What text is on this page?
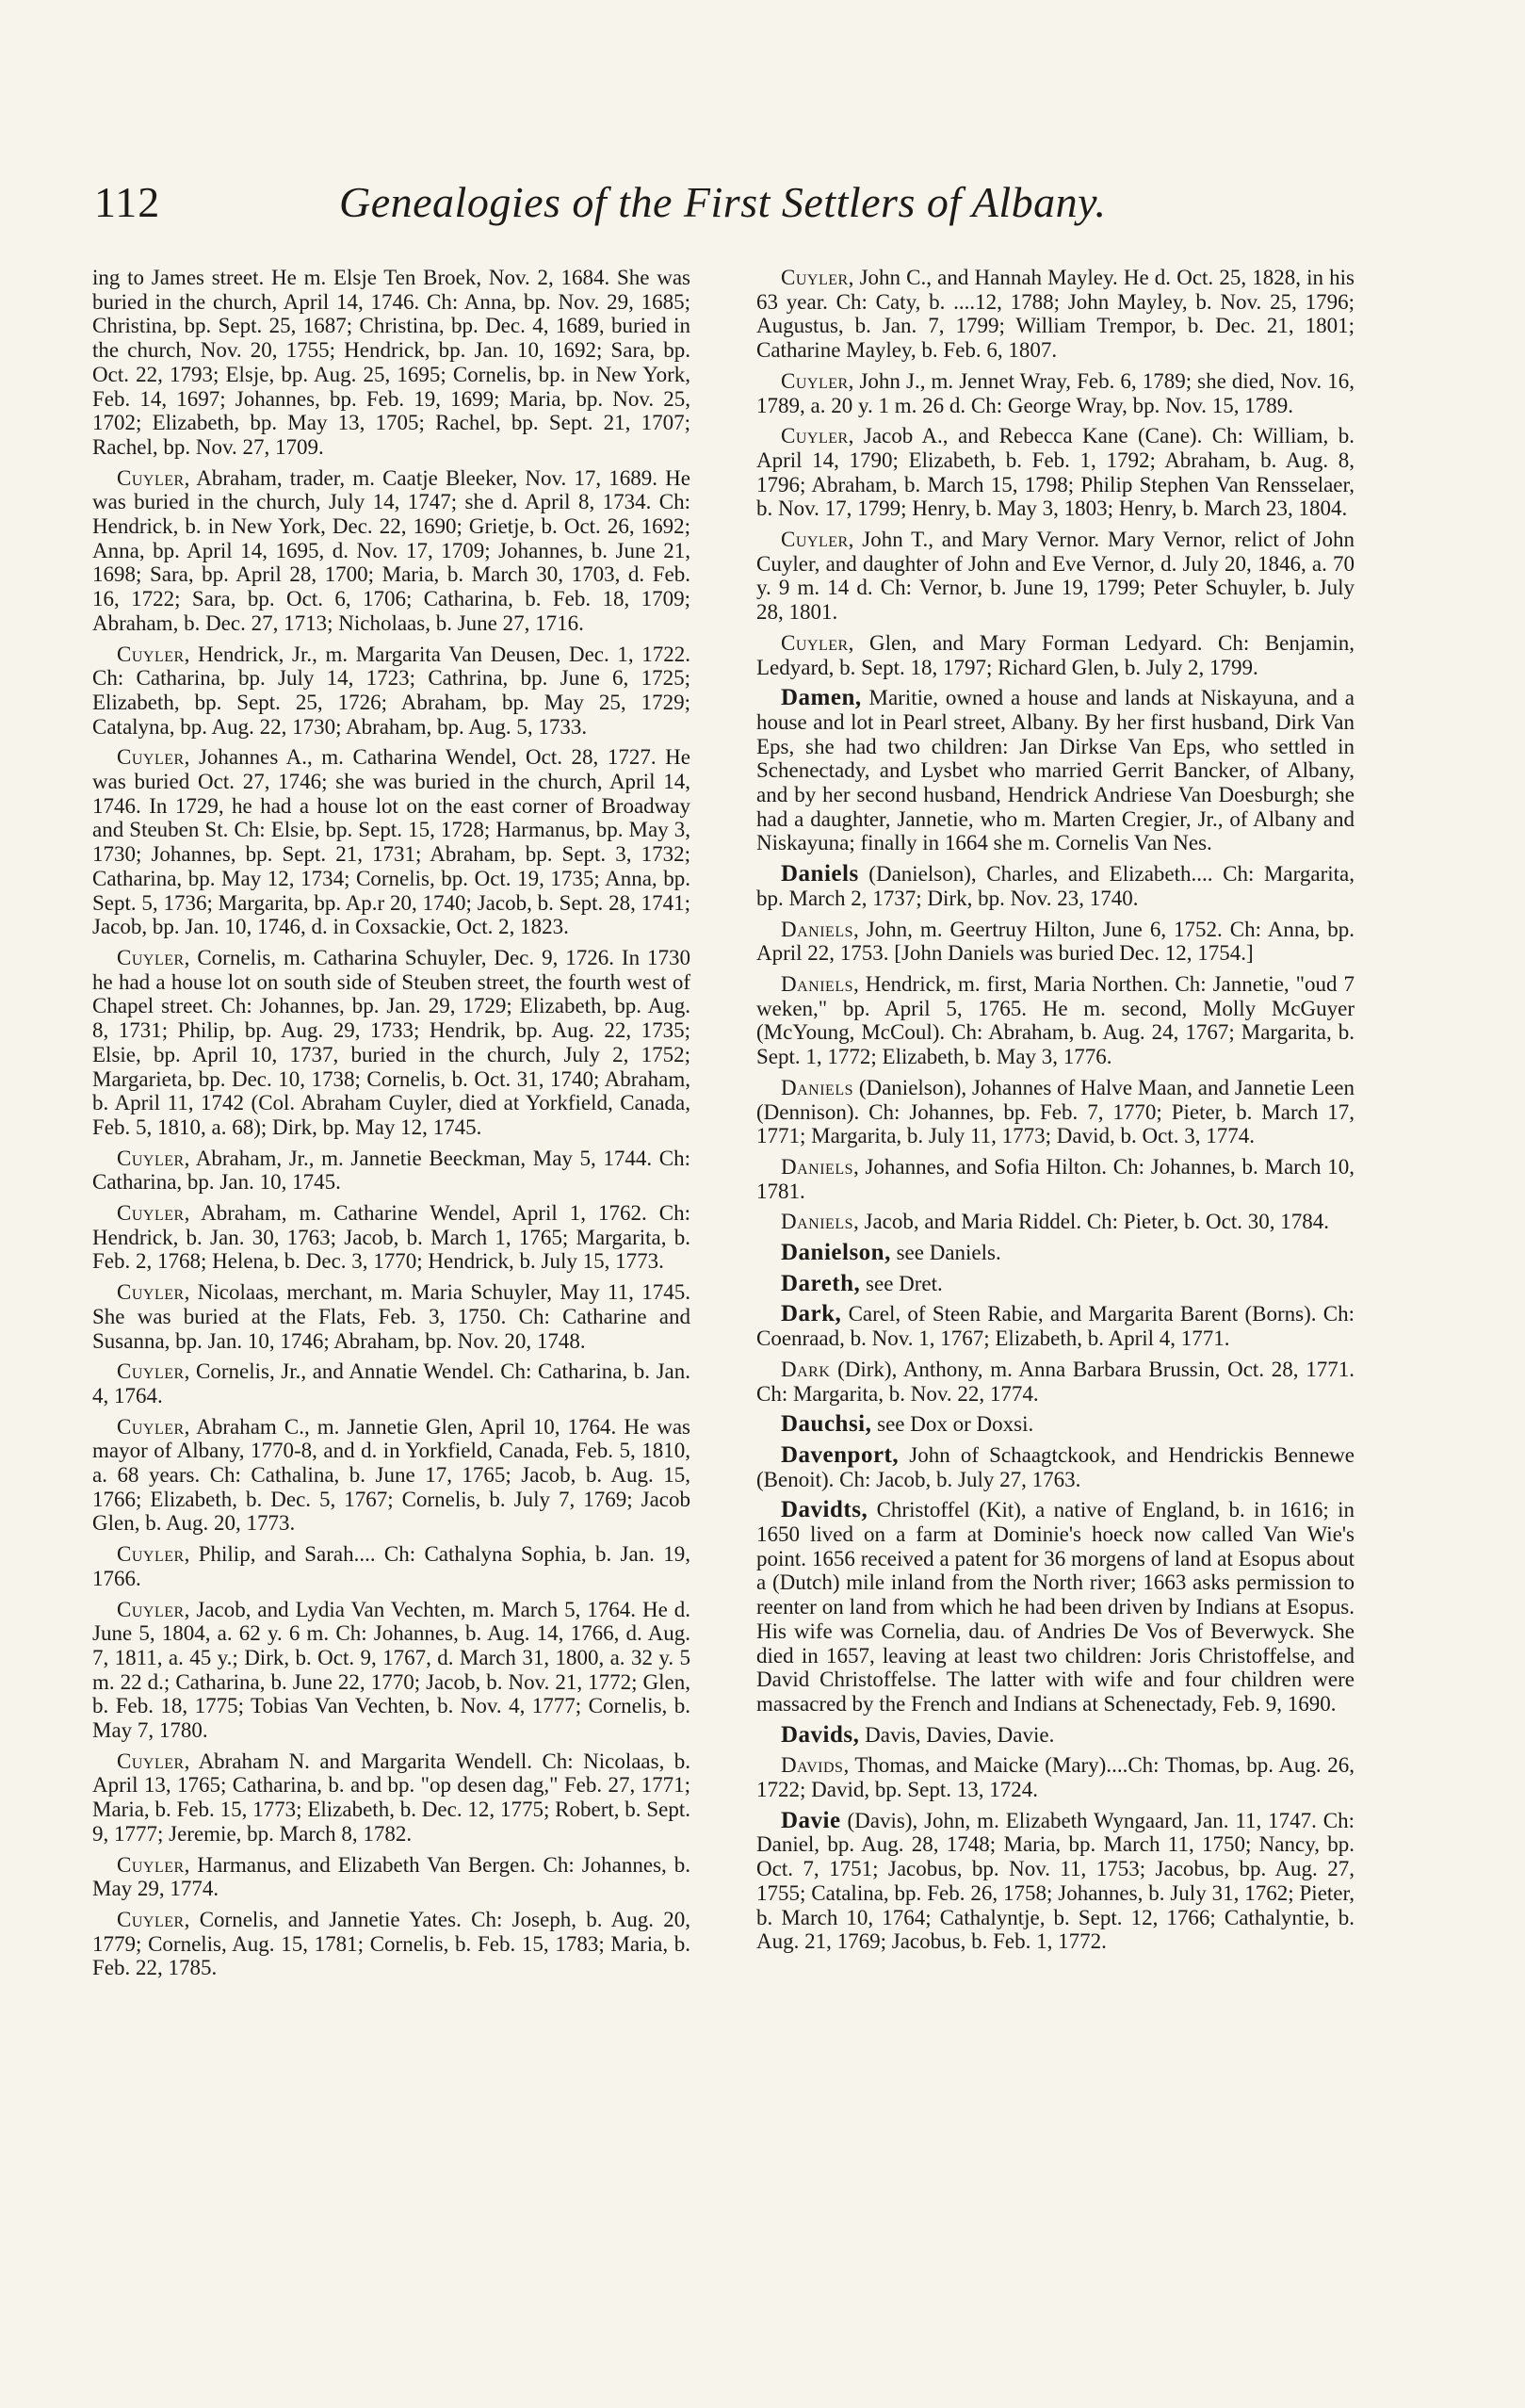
112	Genealogies of the First Settlers of Albany.

ing to James street. He m. Elsje Ten Broek, Nov. 2, 1684. She was buried in the church, April 14, 1746. Ch: Anna, bp. Nov. 29, 1685; Christina, bp. Sept. 25, 1687; Christina, bp. Dec. 4, 1689, buried in the church, Nov. 20, 1755; Hendrick, bp. Jan. 10, 1692; Sara, bp. Oct. 22, 1793; Elsje, bp. Aug. 25, 1695; Cornelis, bp. in New York, Feb. 14, 1697; Johannes, bp. Feb. 19, 1699; Maria, bp. Nov. 25, 1702; Elizabeth, bp. May 13, 1705; Rachel, bp. Sept. 21, 1707; Rachel, bp. Nov. 27, 1709.

Cuyler, Abraham, trader, m. Caatje Bleeker, Nov. 17, 1689. He was buried in the church, July 14, 1747; she d. April 8, 1734. Ch: Hendrick, b. in New York, Dec. 22, 1690; Grietje, b. Oct. 26, 1692; Anna, bp. April 14, 1695, d. Nov. 17, 1709; Johannes, b. June 21, 1698; Sara, bp. April 28, 1700; Maria, b. March 30, 1703, d. Feb. 16, 1722; Sara, bp. Oct. 6, 1706; Catharina, b. Feb. 18, 1709; Abraham, b. Dec. 27, 1713; Nicholaas, b. June 27, 1716.

Cuyler, Hendrick, Jr., m. Margarita Van Deusen, Dec. 1, 1722. Ch: Catharina, bp. July 14, 1723; Cathrina, bp. June 6, 1725; Elizabeth, bp. Sept. 25, 1726; Abraham, bp. May 25, 1729; Catalyna, bp. Aug. 22, 1730; Abraham, bp. Aug. 5, 1733.

Cuyler, Johannes A., m. Catharina Wendel, Oct. 28, 1727. He was buried Oct. 27, 1746; she was buried in the church, April 14, 1746. In 1729, he had a house lot on the east corner of Broadway and Steuben St. Ch: Elsie, bp. Sept. 15, 1728; Harmanus, bp. May 3, 1730; Johannes, bp. Sept. 21, 1731; Abraham, bp. Sept. 3, 1732; Catharina, bp. May 12, 1734; Cornelis, bp. Oct. 19, 1735; Anna, bp. Sept. 5, 1736; Margarita, bp. Ap.r 20, 1740; Jacob, b. Sept. 28, 1741; Jacob, bp. Jan. 10, 1746, d. in Coxsackie, Oct. 2, 1823.

Cuyler, Cornelis, m. Catharina Schuyler, Dec. 9, 1726. In 1730 he had a house lot on south side of Steuben street, the fourth west of Chapel street. Ch: Johannes, bp. Jan. 29, 1729; Elizabeth, bp. Aug. 8, 1731; Philip, bp. Aug. 29, 1733; Hendrik, bp. Aug. 22, 1735; Elsie, bp. April 10, 1737, buried in the church, July 2, 1752; Margarieta, bp. Dec. 10, 1738; Cornelis, b. Oct. 31, 1740; Abraham, b. April 11, 1742 (Col. Abraham Cuyler, died at Yorkfield, Canada, Feb. 5, 1810, a. 68); Dirk, bp. May 12, 1745.

Cuyler, Abraham, Jr., m. Jannetie Beeckman, May 5, 1744. Ch: Catharina, bp. Jan. 10, 1745.

Cuyler, Abraham, m. Catharine Wendel, April 1, 1762. Ch: Hendrick, b. Jan. 30, 1763; Jacob, b. March 1, 1765; Margarita, b. Feb. 2, 1768; Helena, b. Dec. 3, 1770; Hendrick, b. July 15, 1773.

Cuyler, Nicolaas, merchant, m. Maria Schuyler, May 11, 1745. She was buried at the Flats, Feb. 3, 1750. Ch: Catharine and Susanna, bp. Jan. 10, 1746; Abraham, bp. Nov. 20, 1748.

Cuyler, Cornelis, Jr., and Annatie Wendel. Ch: Catharina, b. Jan. 4, 1764.

Cuyler, Abraham C., m. Jannetie Glen, April 10, 1764. He was mayor of Albany, 1770-8, and d. in Yorkfield, Canada, Feb. 5, 1810, a. 68 years. Ch: Cathalina, b. June 17, 1765; Jacob, b. Aug. 15, 1766; Elizabeth, b. Dec. 5, 1767; Cornelis, b. July 7, 1769; Jacob Glen, b. Aug. 20, 1773.

Cuyler, Philip, and Sarah.... Ch: Cathalyna Sophia, b. Jan. 19, 1766.

Cuyler, Jacob, and Lydia Van Vechten, m. March 5, 1764. He d. June 5, 1804, a. 62 y. 6 m. Ch: Johannes, b. Aug. 14, 1766, d. Aug. 7, 1811, a. 45 y.; Dirk, b. Oct. 9, 1767, d. March 31, 1800, a. 32 y. 5 m. 22 d.; Catharina, b. June 22, 1770; Jacob, b. Nov. 21, 1772; Glen, b. Feb. 18, 1775; Tobias Van Vechten, b. Nov. 4, 1777; Cornelis, b. May 7, 1780.

Cuyler, Abraham N. and Margarita Wendell. Ch: Nicolaas, b. April 13, 1765; Catharina, b. and bp. "op desen dag," Feb. 27, 1771; Maria, b. Feb. 15, 1773; Elizabeth, b. Dec. 12, 1775; Robert, b. Sept. 9, 1777; Jeremie, bp. March 8, 1782.

Cuyler, Harmanus, and Elizabeth Van Bergen. Ch: Johannes, b. May 29, 1774.

Cuyler, Cornelis, and Jannetie Yates. Ch: Joseph, b. Aug. 20, 1779; Cornelis, Aug. 15, 1781; Cornelis, b. Feb. 15, 1783; Maria, b. Feb. 22, 1785.

Cuyler, John C., and Hannah Mayley. He d. Oct. 25, 1828, in his 63 year. Ch: Caty, b. ....12, 1788; John Mayley, b. Nov. 25, 1796; Augustus, b. Jan. 7, 1799; William Trempor, b. Dec. 21, 1801; Catharine Mayley, b. Feb. 6, 1807.

Cuyler, John J., m. Jennet Wray, Feb. 6, 1789; she died, Nov. 16, 1789, a. 20 y. 1 m. 26 d. Ch: George Wray, bp. Nov. 15, 1789.

Cuyler, Jacob A., and Rebecca Kane (Cane). Ch: William, b. April 14, 1790; Elizabeth, b. Feb. 1, 1792; Abraham, b. Aug. 8, 1796; Abraham, b. March 15, 1798; Philip Stephen Van Rensselaer, b. Nov. 17, 1799; Henry, b. May 3, 1803; Henry, b. March 23, 1804.

Cuyler, John T., and Mary Vernor. Mary Vernor, relict of John Cuyler, and daughter of John and Eve Vernor, d. July 20, 1846, a. 70 y. 9 m. 14 d. Ch: Vernor, b. June 19, 1799; Peter Schuyler, b. July 28, 1801.

Cuyler, Glen, and Mary Forman Ledyard. Ch: Benjamin, Ledyard, b. Sept. 18, 1797; Richard Glen, b. July 2, 1799.

Damen, Maritie, owned a house and lands at Niskayuna, and a house and lot in Pearl street, Albany. By her first husband, Dirk Van Eps, she had two children: Jan Dirkse Van Eps, who settled in Schenectady, and Lysbet who married Gerrit Bancker, of Albany, and by her second husband, Hendrick Andriese Van Doesburgh; she had a daughter, Jannetie, who m. Marten Cregier, Jr., of Albany and Niskayuna; finally in 1664 she m. Cornelis Van Nes.

Daniels (Danielson), Charles, and Elizabeth.... Ch: Margarita, bp. March 2, 1737; Dirk, bp. Nov. 23, 1740.

Daniels, John, m. Geertruy Hilton, June 6, 1752. Ch: Anna, bp. April 22, 1753. [John Daniels was buried Dec. 12, 1754.]

Daniels, Hendrick, m. first, Maria Northen. Ch: Jannetie, "oud 7 weken," bp. April 5, 1765. He m. second, Molly McGuyer (McYoung, McCoul). Ch: Abraham, b. Aug. 24, 1767; Margarita, b. Sept. 1, 1772; Elizabeth, b. May 3, 1776.

Daniels (Danielson), Johannes of Halve Maan, and Jannetie Leen (Dennison). Ch: Johannes, bp. Feb. 7, 1770; Pieter, b. March 17, 1771; Margarita, b. July 11, 1773; David, b. Oct. 3, 1774.

Daniels, Johannes, and Sofia Hilton. Ch: Johannes, b. March 10, 1781.

Daniels, Jacob, and Maria Riddel. Ch: Pieter, b. Oct. 30, 1784.

Danielson, see Daniels.

Dareth, see Dret.

Dark, Carel, of Steen Rabie, and Margarita Barent (Borns). Ch: Coenraad, b. Nov. 1, 1767; Elizabeth, b. April 4, 1771.

Dark (Dirk), Anthony, m. Anna Barbara Brussin, Oct. 28, 1771. Ch: Margarita, b. Nov. 22, 1774.

Dauchsi, see Dox or Doxsi.

Davenport, John of Schaagtckook, and Hendrickis Bennewe (Benoit). Ch: Jacob, b. July 27, 1763.

Davidts, Christoffel (Kit), a native of England, b. in 1616; in 1650 lived on a farm at Dominie's hoeck now called Van Wie's point. 1656 received a patent for 36 morgens of land at Esopus about a (Dutch) mile inland from the North river; 1663 asks permission to reenter on land from which he had been driven by Indians at Esopus. His wife was Cornelia, dau. of Andries De Vos of Beverwyck. She died in 1657, leaving at least two children: Joris Christoffelse, and David Christoffelse. The latter with wife and four children were massacred by the French and Indians at Schenectady, Feb. 9, 1690.

Davids, Davis, Davies, Davie.

Davids, Thomas, and Maicke (Mary)....Ch: Thomas, bp. Aug. 26, 1722; David, bp. Sept. 13, 1724.

Davie (Davis), John, m. Elizabeth Wyngaard, Jan. 11, 1747. Ch: Daniel, bp. Aug. 28, 1748; Maria, bp. March 11, 1750; Nancy, bp. Oct. 7, 1751; Jacobus, bp. Nov. 11, 1753; Jacobus, bp. Aug. 27, 1755; Catalina, bp. Feb. 26, 1758; Johannes, b. July 31, 1762; Pieter, b. March 10, 1764; Cathalyntje, b. Sept. 12, 1766; Cathalyntie, b. Aug. 21, 1769; Jacobus, b. Feb. 1, 1772.
